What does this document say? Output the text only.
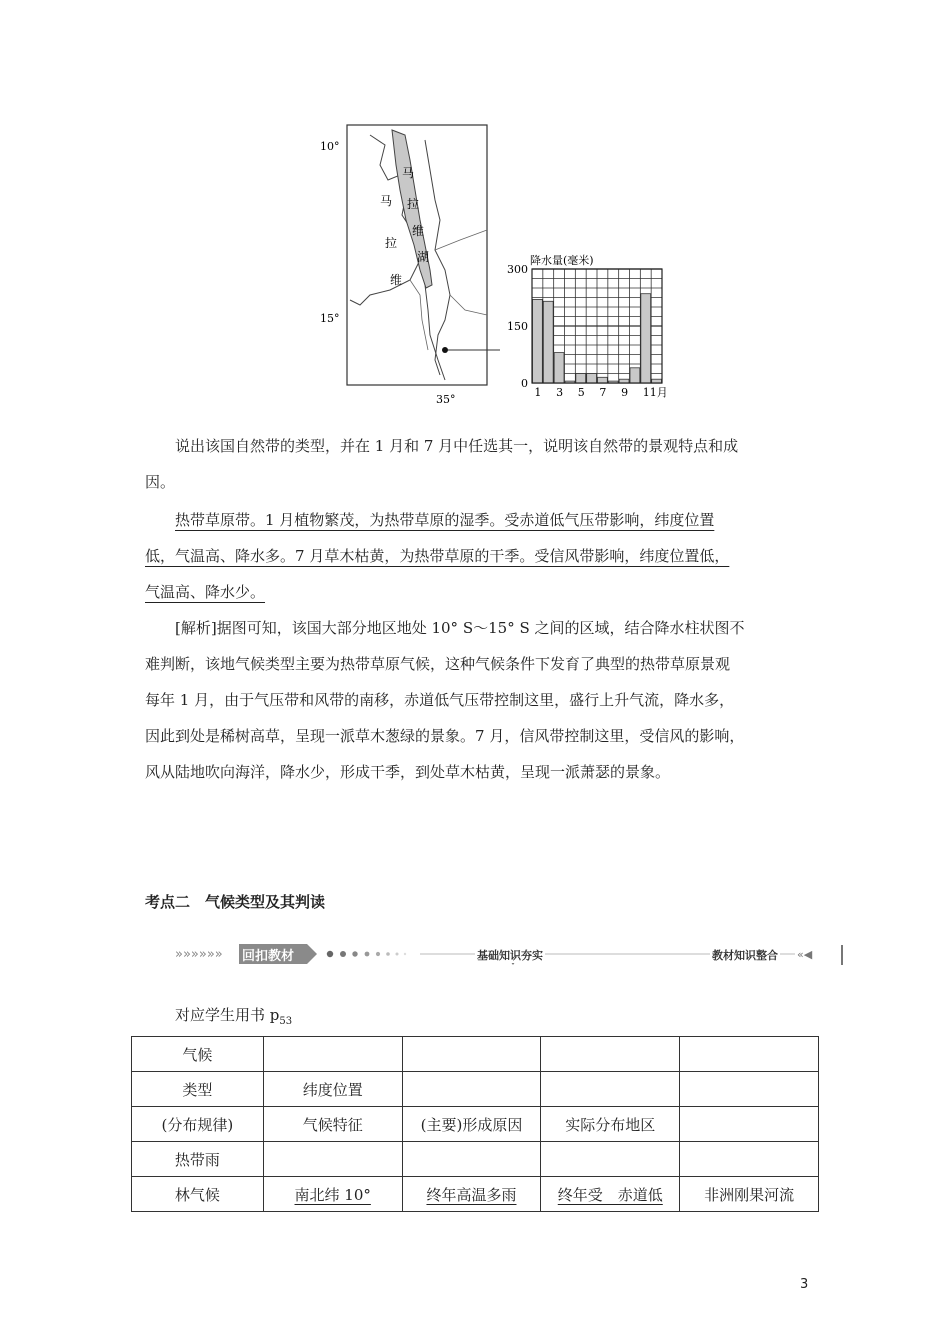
10°
15°
35°
马
拉
维
马
拉
维
湖	降水量(毫米)
0
150
300
1 3 5 7 9 11月
说出该国自然带的类型，并在 1 月和 7 月中任选其一，说明该自然带的景观特点和成
因。
热带草原带。1 月植物繁茂，为热带草原的湿季。受赤道低气压带影响，纬度位置
低，气温高、降水多。7 月草木枯黄，为热带草原的干季。受信风带影响，纬度位置低，
气温高、降水少。
[解析]据图可知，该国大部分地区地处 10° S～15° S 之间的区域，结合降水柱状图不
难判断，该地气候类型主要为热带草原气候，这种气候条件下发育了典型的热带草原景观
每年 1 月，由于气压带和风带的南移，赤道低气压带控制这里，盛行上升气流，降水多，
因此到处是稀树高草，呈现一派草木葱绿的景象。7 月，信风带控制这里，受信风的影响，
风从陆地吹向海洋，降水少，形成干季，到处草木枯黄，呈现一派萧瑟的景象。
考点二　气候类型及其判读
»»»»»»	«◀
回扣教材	基础知识夯实	教材知识整合
对应学生用书 $p_{53}$
气候				
类型	纬度位置			
(分布规律)	气候特征	(主要)形成原因	实际分布地区	
热带雨				
林气候	南北纬 10°	终年高温多雨	终年受　赤道低	非洲刚果河流
3
